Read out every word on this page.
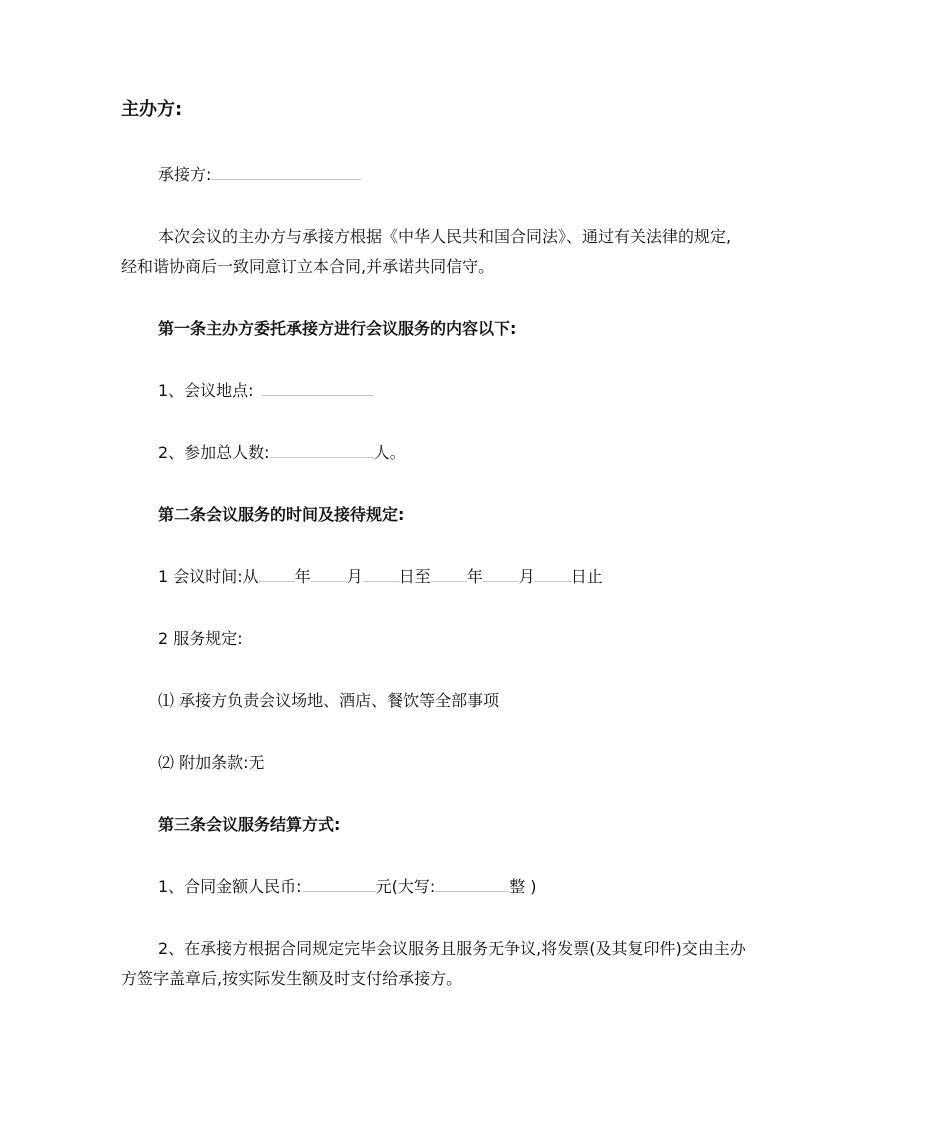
主办方:
承接方:
本次会议的主办方与承接方根据《中华人民共和国合同法》、通过有关法律的规定,
经和谐协商后一致同意订立本合同,并承诺共同信守。
第一条主办方委托承接方进行会议服务的内容以下:
1、会议地点:
2、参加总人数:	人。
第二条会议服务的时间及接待规定:
1 会议时间:从 年 月 日至 年 月 日止
2 服务规定:
⑴ 承接方负责会议场地、酒店、餐饮等全部事项
⑵ 附加条款:无
第三条会议服务结算方式:
1、合同金额人民币:	元(大写:	整 )
2、在承接方根据合同规定完毕会议服务且服务无争议,将发票(及其复印件)交由主办
方签字盖章后,按实际发生额及时支付给承接方。
